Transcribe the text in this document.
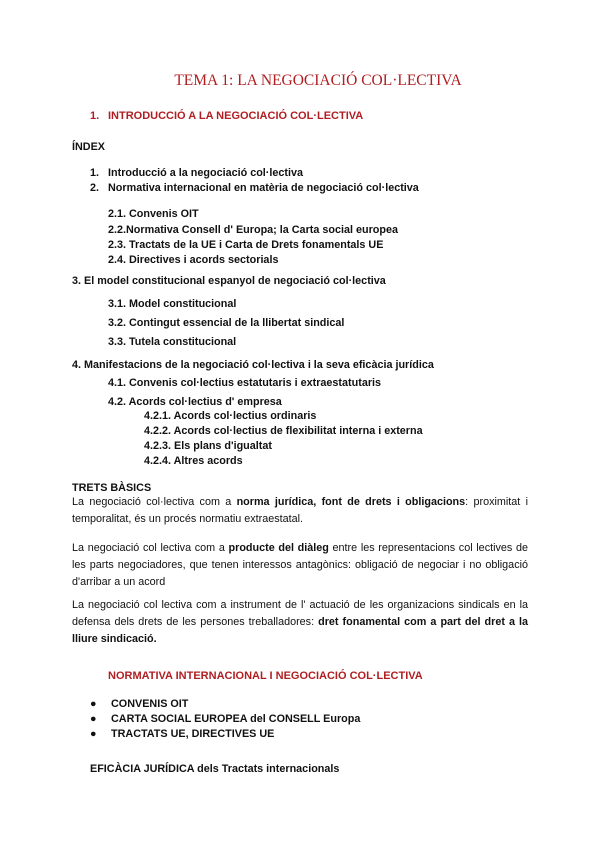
TEMA 1: LA NEGOCIACIÓ COL·LECTIVA
1. INTRODUCCIÓ A LA NEGOCIACIÓ COL·LECTIVA
ÍNDEX
1. Introducció a la negociació col·lectiva
2. Normativa internacional en matèria de negociació col·lectiva
2.1. Convenis OIT
2.2.Normativa Consell d' Europa; la Carta social europea
2.3. Tractats de la UE i Carta de Drets fonamentals UE
2.4. Directives i acords sectorials
3. El model constitucional espanyol de negociació col·lectiva
3.1. Model constitucional
3.2. Contingut essencial de la llibertat sindical
3.3. Tutela constitucional
4. Manifestacions de la negociació col·lectiva i la seva eficàcia jurídica
4.1. Convenis col·lectius estatutaris i extraestatutaris
4.2. Acords col·lectius d' empresa
4.2.1. Acords col·lectius ordinaris
4.2.2. Acords col·lectius de flexibilitat interna i externa
4.2.3. Els plans d'igualtat
4.2.4. Altres acords
TRETS BÀSICS
La negociació col·lectiva com a norma jurídica, font de drets i obligacions: proximitat i temporalitat, és un procés normatiu extraestatal.
La negociació col lectiva com a producte del diàleg entre les representacions col lectives de les parts negociadores, que tenen interessos antagònics: obligació de negociar i no obligació d'arribar a un acord
La negociació col lectiva com a instrument de l' actuació de les organizacions sindicals en la defensa dels drets de les persones treballadores: dret fonamental com a part del dret a la lliure sindicació.
NORMATIVA INTERNACIONAL I NEGOCIACIÓ COL·LECTIVA
● CONVENIS OIT
● CARTA SOCIAL EUROPEA del CONSELL Europa
● TRACTATS UE, DIRECTIVES UE
EFICÀCIA JURÍDICA dels Tractats internacionals
